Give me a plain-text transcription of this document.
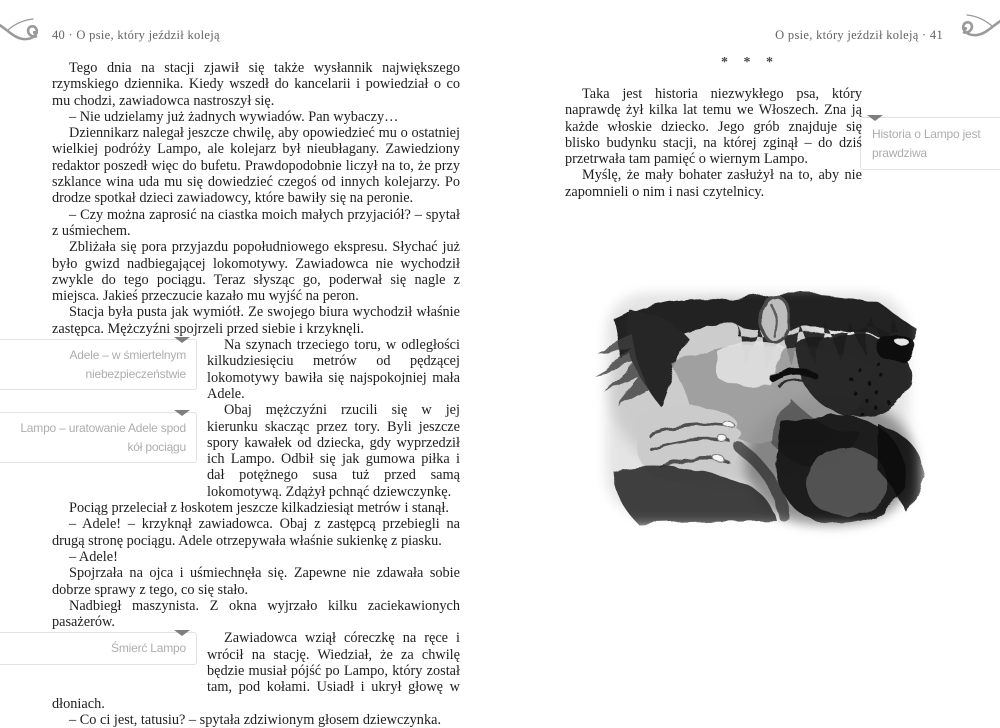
40 · O psie, który jeździł koleją	O psie, który jeździł koleją · 41

Tego dnia na stacji zjawił się także wysłannik największego rzymskiego dziennika. Kiedy wszedł do kancelarii i powiedział o co mu chodzi, zawiadowca nastroszył się.

– Nie udzielamy już żadnych wywiadów. Pan wybaczy…

Dziennikarz nalegał jeszcze chwilę, aby opowiedzieć mu o ostatniej wielkiej podróży Lampo, ale kolejarz był nieubłagany. Zawiedziony redaktor poszedł więc do bufetu. Prawdopodobnie liczył na to, że przy szklance wina uda mu się dowiedzieć czegoś od innych kolejarzy. Po drodze spotkał dzieci zawiadowcy, które bawiły się na peronie.

– Czy można zaprosić na ciastka moich małych przyjaciół? – spytał z uśmiechem.

Zbliżała się pora przyjazdu popołudniowego ekspresu. Słychać już było gwizd nadbiegającej lokomotywy. Zawiadowca nie wychodził zwykle do tego pociągu. Teraz słysząc go, poderwał się nagle z miejsca. Jakieś przeczucie kazało mu wyjść na peron.

Stacja była pusta jak wymiótł. Ze swojego biura wychodził właśnie zastępca. Mężczyźni spojrzeli przed siebie i krzyknęli.

Adele – w śmiertelnym niebezpieczeństwie

Na szynach trzeciego toru, w odległości kilkudziesięciu metrów od pędzącej lokomotywy bawiła się najspokojniej mała Adele.

Lampo – uratowanie Adele spod kół pociągu

Obaj mężczyźni rzucili się w jej kierunku skacząc przez tory. Byli jeszcze spory kawałek od dziecka, gdy wyprzedził ich Lampo. Odbił się jak gumowa piłka i dał potężnego susa tuż przed samą lokomotywą. Zdążył pchnąć dziewczynkę.

Pociąg przeleciał z łoskotem jeszcze kilkadziesiąt metrów i stanął.

– Adele! – krzyknął zawiadowca. Obaj z zastępcą przebiegli na drugą stronę pociągu. Adele otrzepywała właśnie sukienkę z piasku.

– Adele!

Spojrzała na ojca i uśmiechnęła się. Zapewne nie zdawała sobie dobrze sprawy z tego, co się stało.

Nadbiegł maszynista. Z okna wyjrzało kilku zaciekawionych pasażerów.

Śmierć Lampo

Zawiadowca wziął córeczkę na ręce i wrócił na stację. Wiedział, że za chwilę będzie musiał pójść po Lampo, który został tam, pod kołami. Usiadł i ukrył głowę w dłoniach.

– Co ci jest, tatusiu? – spytała zdziwionym głosem dziewczynka.

* * *
Historia o Lampo jest prawdziwa

Taka jest historia niezwykłego psa, który naprawdę żył kilka lat temu we Włoszech. Zna ją każde włoskie dziecko. Jego grób znajduje się blisko budynku stacji, na której zginął – do dziś przetrwała tam pamięć o wiernym Lampo.

Myślę, że mały bohater zasłużył na to, aby nie zapomnieli o nim i nasi czytelnicy.
